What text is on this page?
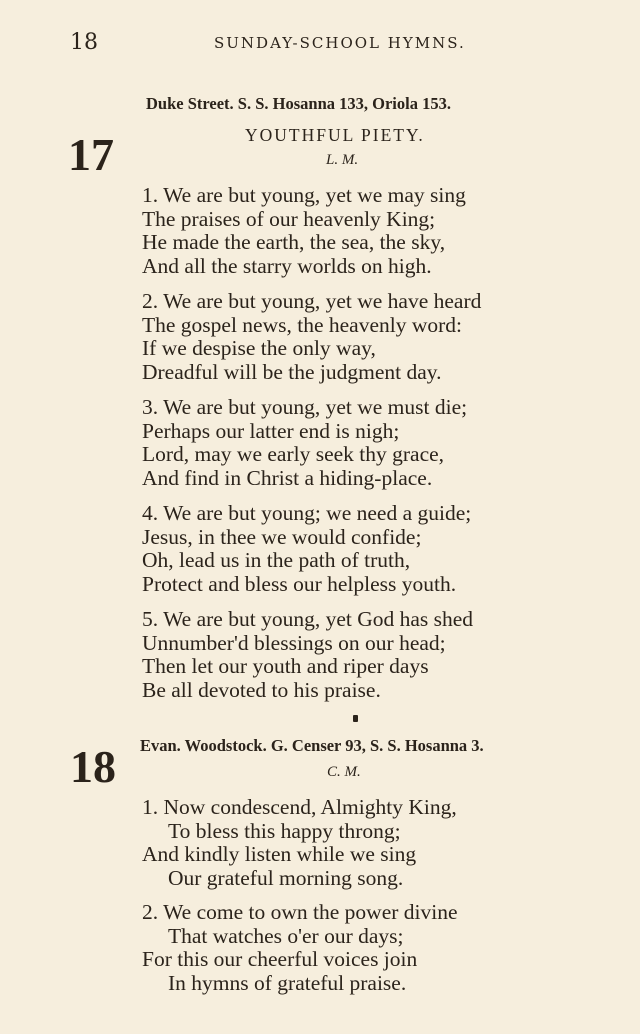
18	SUNDAY-SCHOOL HYMNS.
Duke Street. S. S. Hosanna 133, Oriola 153.
17	YOUTHFUL PIETY.
L. M.
1. We are but young, yet we may sing
The praises of our heavenly King;
He made the earth, the sea, the sky,
And all the starry worlds on high.
2. We are but young, yet we have heard
The gospel news, the heavenly word:
If we despise the only way,
Dreadful will be the judgment day.
3. We are but young, yet we must die;
Perhaps our latter end is nigh;
Lord, may we early seek thy grace,
And find in Christ a hiding-place.
4. We are but young; we need a guide;
Jesus, in thee we would confide;
Oh, lead us in the path of truth,
Protect and bless our helpless youth.
5. We are but young, yet God has shed
Unnumber'd blessings on our head;
Then let our youth and riper days
Be all devoted to his praise.
Evan. Woodstock. G. Censer 93, S. S. Hosanna 3.
18	C. M.
1. Now condescend, Almighty King,
To bless this happy throng;
And kindly listen while we sing
Our grateful morning song.
2. We come to own the power divine
That watches o'er our days;
For this our cheerful voices join
In hymns of grateful praise.
